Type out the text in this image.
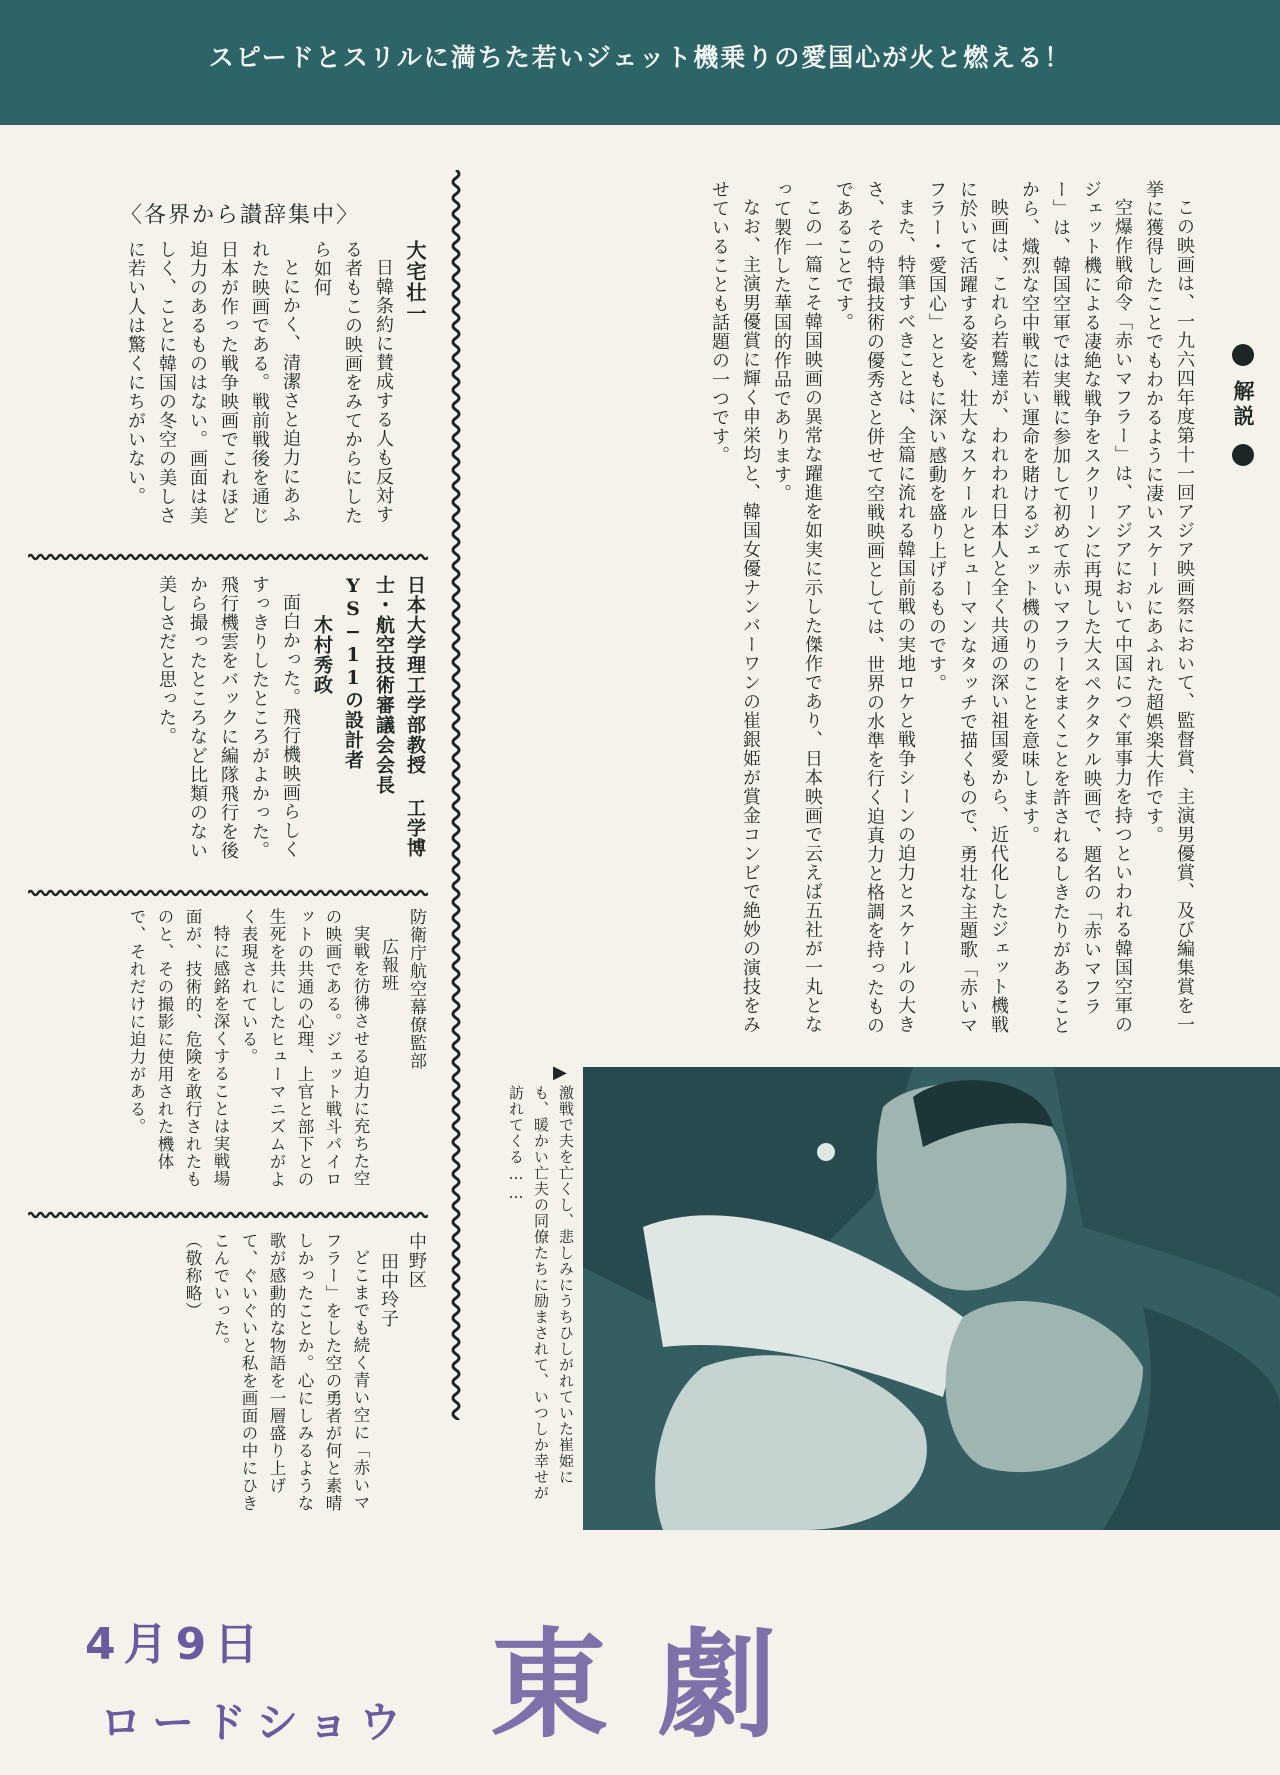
スピードとスリルに満ちた若いジェット機乗りの愛国心が火と燃える！
解説

この映画は、一九六四年度第十一回アジア映画祭において、監督賞、主演男優賞、及び編集賞を一挙に獲得したことでもわかるように凄いスケールにあふれた超娯楽大作です。

空爆作戦命令「赤いマフラー」は、アジアにおいて中国につぐ軍事力を持つといわれる韓国空軍のジェット機による凄絶な戦争をスクリーンに再現した大スペクタクル映画で、題名の「赤いマフラー」は、韓国空軍では実戦に参加して初めて赤いマフラーをまくことを許されるしきたりがあることから、熾烈な空中戦に若い運命を賭けるジェット機のりのことを意味します。

映画は、これら若鷲達が、われわれ日本人と全く共通の深い祖国愛から、近代化したジェット機戦に於いて活躍する姿を、壮大なスケールとヒューマンなタッチで描くもので、勇壮な主題歌「赤いマフラー・愛国心」とともに深い感動を盛り上げるものです。

また、特筆すべきことは、全篇に流れる韓国前戦の実地ロケと戦争シーンの迫力とスケールの大きさ、その特撮技術の優秀さと併せて空戦映画としては、世界の水準を行く迫真力と格調を持ったものであることです。

この一篇こそ韓国映画の異常な躍進を如実に示した傑作であり、日本映画で云えば五社が一丸となって製作した華国的作品であります。

なお、主演男優賞に輝く申栄均と、韓国女優ナンバーワンの崔銀姫が賞金コンビで絶妙の演技をみせていることも話題の一つです。

〈各界から讃辞集中〉
大宅壮一

日韓条約に賛成する人も反対する者もこの映画をみてからにしたら如何

とにかく、清潔さと迫力にあふれた映画である。戦前戦後を通じ日本が作った戦争映画でこれほど迫力のあるものはない。画面は美しく、ことに韓国の冬空の美しさに若い人は驚くにちがいない。

日本大学理工学部教授 工学博士・航空技術審議会会長 YS−11の設計者
木村秀政

面白かった。飛行機映画らしくすっきりしたところがよかった。飛行機雲をバックに編隊飛行を後から撮ったところなど比類のない美しさだと思った。

防衛庁航空幕僚監部
広報班

実戦を彷彿させる迫力に充ちた空の映画である。ジェット戦斗パイロットの共通の心理、上官と部下との生死を共にしたヒューマニズムがよく表現されている。

特に感銘を深くすることは実戦場面が、技術的、危険を敢行されたものと、その撮影に使用された機体で、それだけに迫力がある。

中野区
田中玲子

どこまでも続く青い空に「赤いマフラー」をした空の勇者が何と素晴しかったことか。心にしみるような歌が感動的な物語を一層盛り上げて、ぐいぐいと私を画面の中にひきこんでいった。

（敬称略）

▶
激戦で夫を亡くし、悲しみにうちひしがれていた崔姫にも、暖かい亡夫の同僚たちに励まされて、いつしか幸せが訪れてくる……
4月9日
ロードショウ 東劇
